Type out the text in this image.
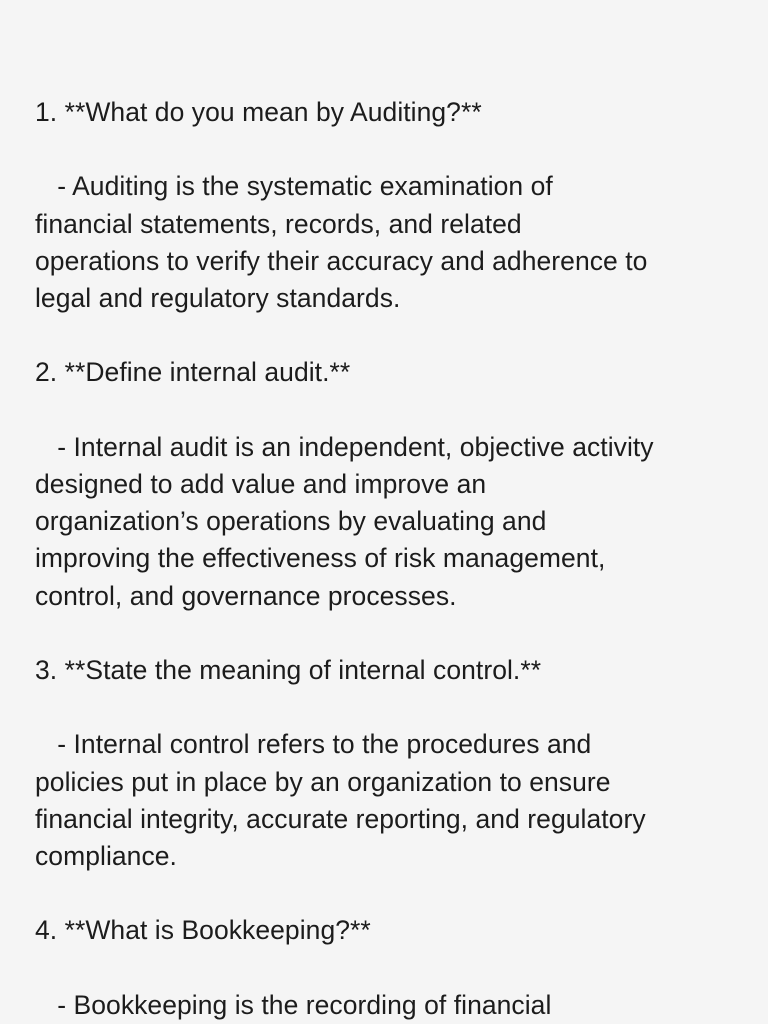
1. **What do you mean by Auditing?**
- Auditing is the systematic examination of
financial statements, records, and related
operations to verify their accuracy and adherence to
legal and regulatory standards.
2. **Define internal audit.**
- Internal audit is an independent, objective activity
designed to add value and improve an
organization’s operations by evaluating and
improving the effectiveness of risk management,
control, and governance processes.
3. **State the meaning of internal control.**
- Internal control refers to the procedures and
policies put in place by an organization to ensure
financial integrity, accurate reporting, and regulatory
compliance.
4. **What is Bookkeeping?**
- Bookkeeping is the recording of financial
